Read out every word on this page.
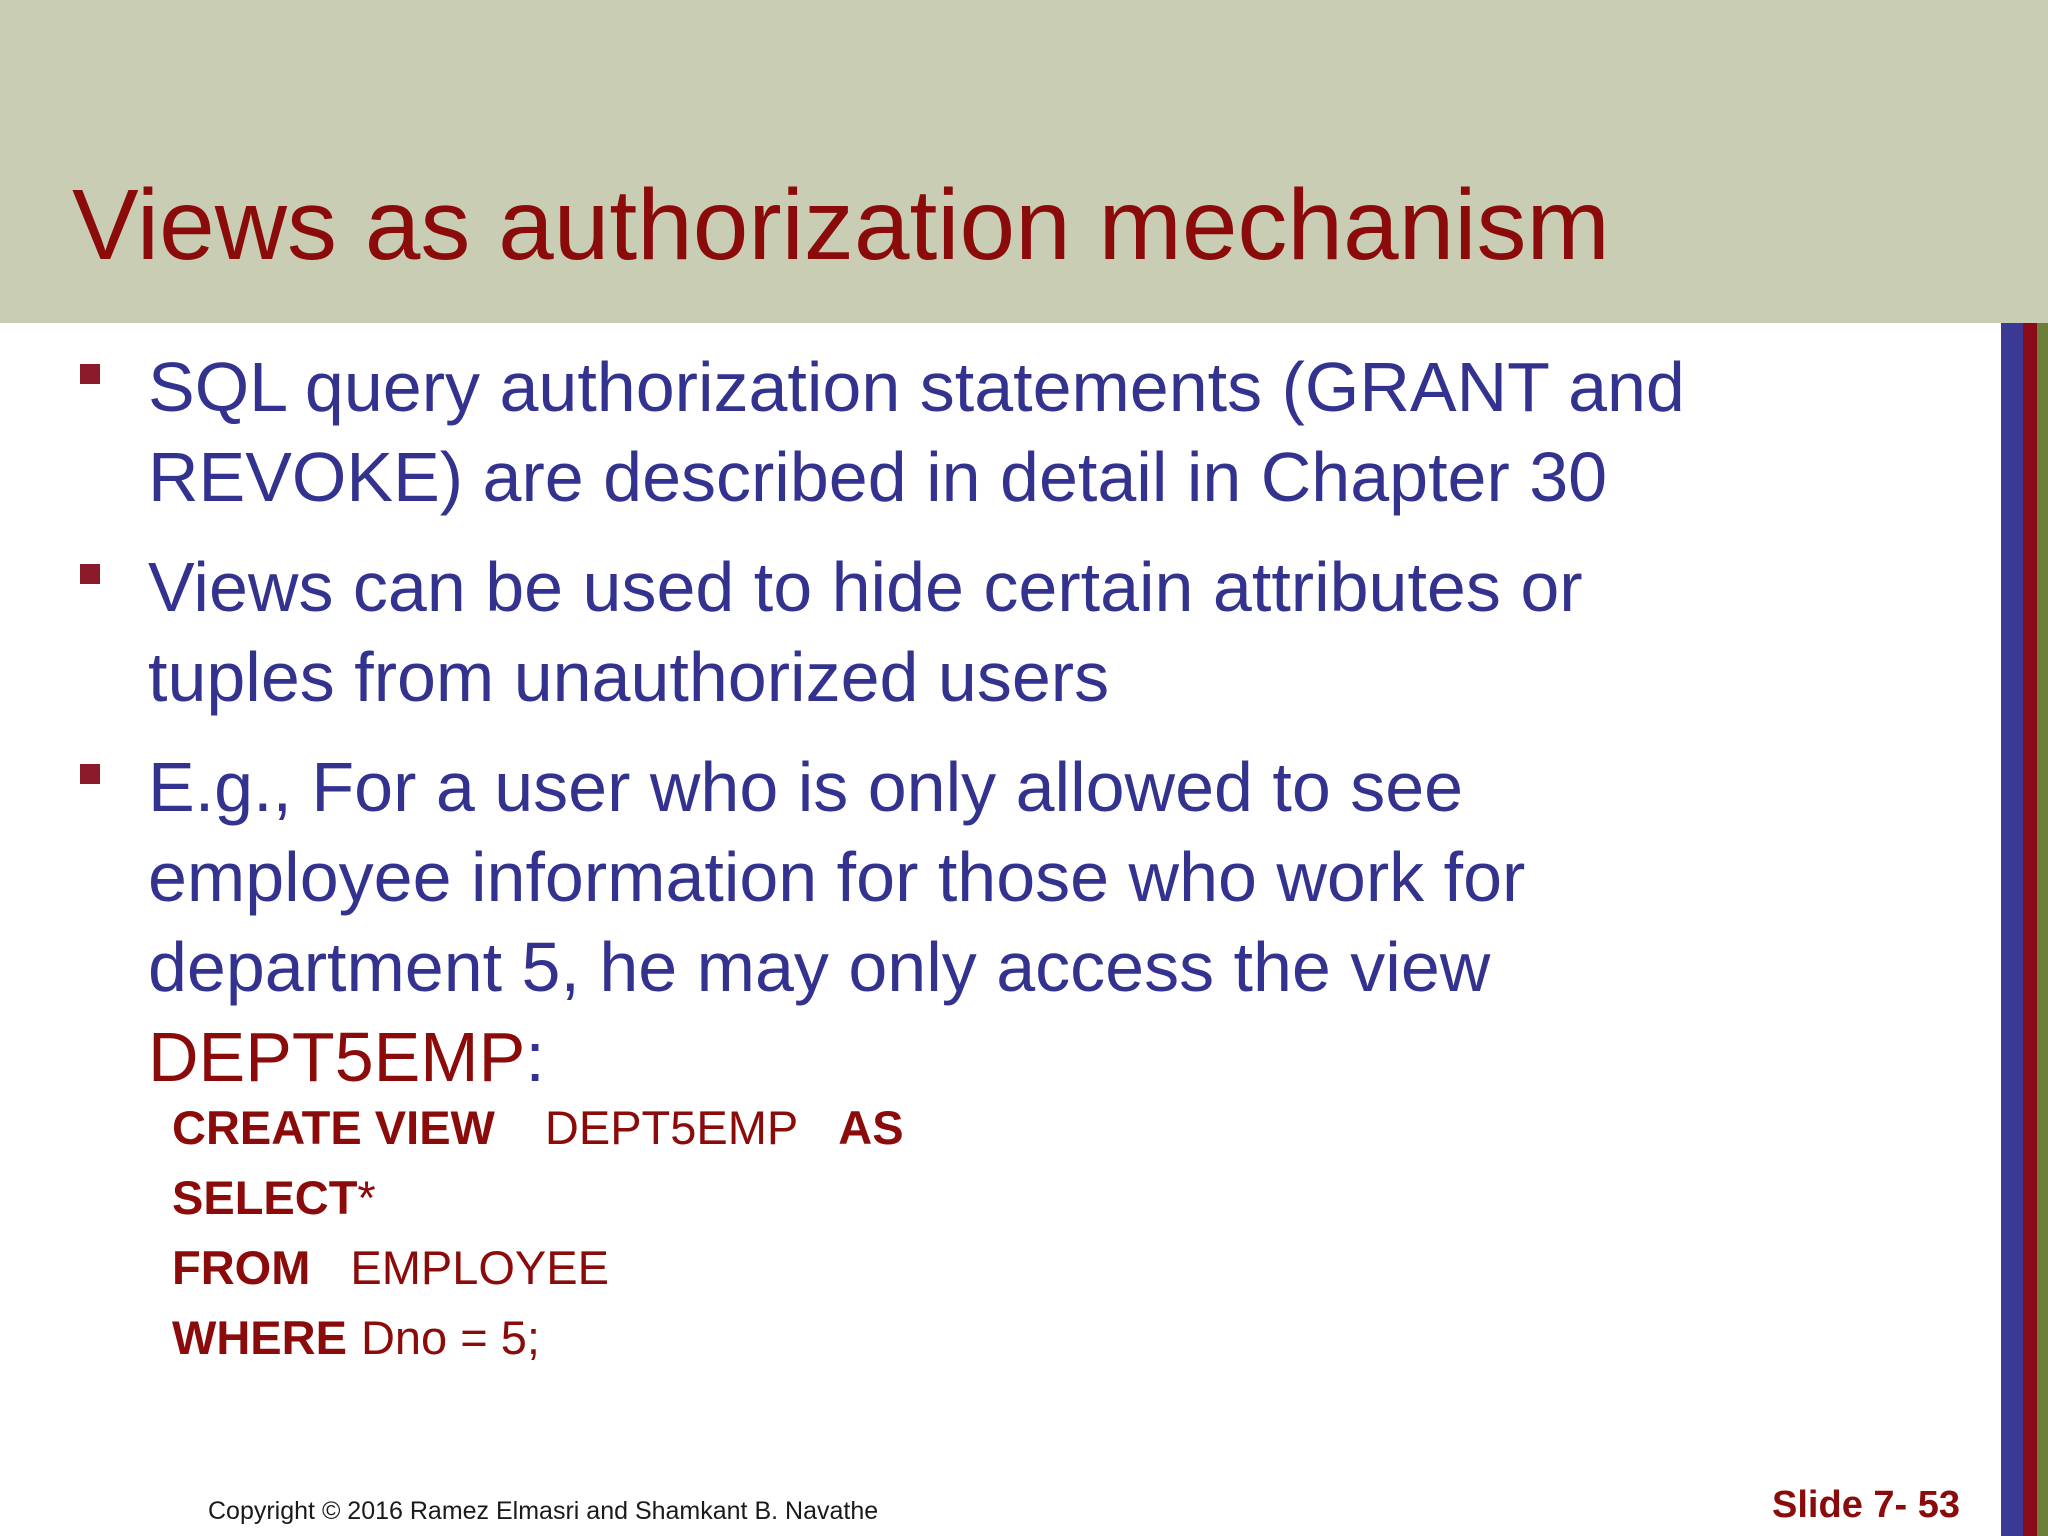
Views as authorization mechanism
SQL query authorization statements (GRANT and
REVOKE) are described in detail in Chapter 30
Views can be used to hide certain attributes or
tuples from unauthorized users
E.g., For a user who is only allowed to see
employee information for those who work for
department 5, he may only access the view
DEPT5EMP:
CREATE VIEW DEPT5EMP AS
SELECT*
FROM EMPLOYEE
WHERE Dno = 5;
Copyright © 2016 Ramez Elmasri and Shamkant B. Navathe	Slide 7- 53
